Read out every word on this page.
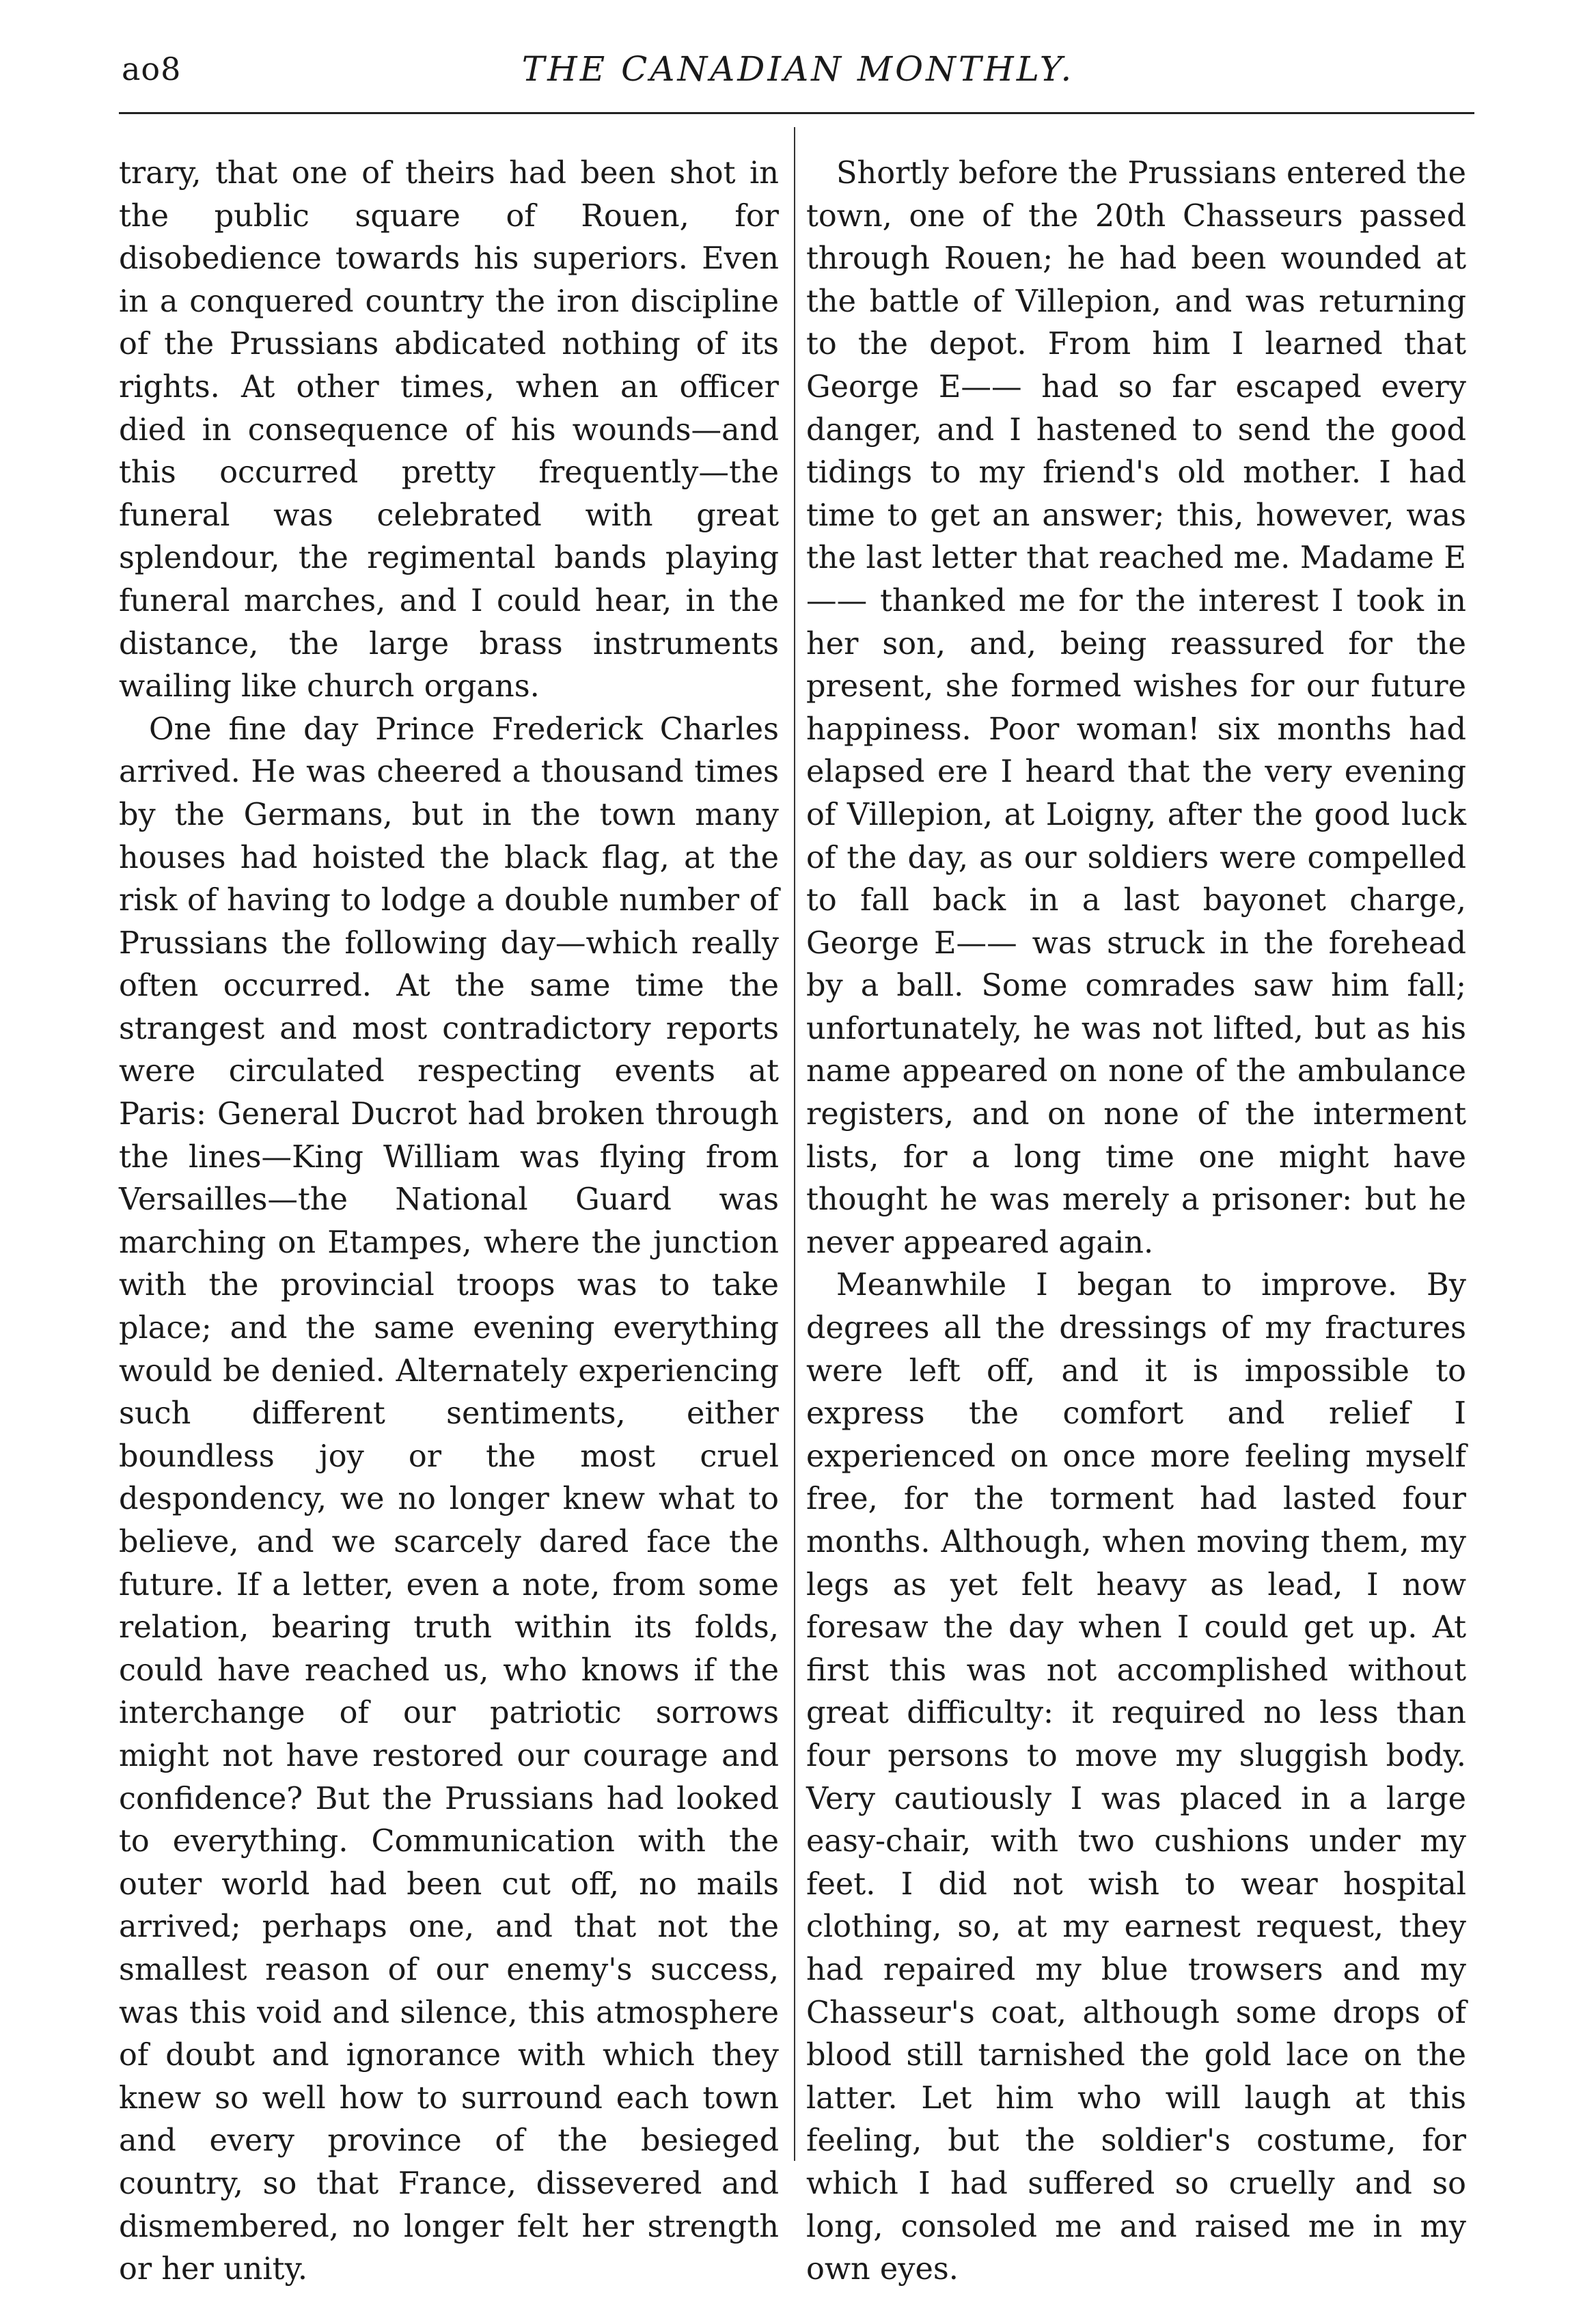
аo8	THE CANADIAN MONTHLY.

trary, that one of theirs had been shot in the public square of Rouen, for disobedience towards his superiors. Even in a conquered country the iron discipline of the Prussians abdicated nothing of its rights. At other times, when an officer died in consequence of his wounds—and this occurred pretty frequently—the funeral was celebrated with great splendour, the regimental bands playing funeral marches, and I could hear, in the distance, the large brass instruments wailing like church organs.

One fine day Prince Frederick Charles arrived. He was cheered a thousand times by the Germans, but in the town many houses had hoisted the black flag, at the risk of having to lodge a double number of Prussians the following day—which really often occurred. At the same time the strangest and most contradictory reports were circulated respecting events at Paris: General Ducrot had broken through the lines—King William was flying from Versailles—the National Guard was marching on Etampes, where the junction with the provincial troops was to take place; and the same evening everything would be denied. Alternately experiencing such different sentiments, either boundless joy or the most cruel despondency, we no longer knew what to believe, and we scarcely dared face the future. If a letter, even a note, from some relation, bearing truth within its folds, could have reached us, who knows if the interchange of our patriotic sorrows might not have restored our courage and confidence? But the Prussians had looked to everything. Communication with the outer world had been cut off, no mails arrived; perhaps one, and that not the smallest reason of our enemy's success, was this void and silence, this atmosphere of doubt and ignorance with which they knew so well how to surround each town and every province of the besieged country, so that France, dissevered and dismembered, no longer felt her strength or her unity.

Shortly before the Prussians entered the town, one of the 20th Chasseurs passed through Rouen; he had been wounded at the battle of Villepion, and was returning to the depot. From him I learned that George E—— had so far escaped every danger, and I hastened to send the good tidings to my friend's old mother. I had time to get an answer; this, however, was the last letter that reached me. Madame E—— thanked me for the interest I took in her son, and, being reassured for the present, she formed wishes for our future happiness. Poor woman! six months had elapsed ere I heard that the very evening of Villepion, at Loigny, after the good luck of the day, as our soldiers were compelled to fall back in a last bayonet charge, George E—— was struck in the forehead by a ball. Some comrades saw him fall; unfortunately, he was not lifted, but as his name appeared on none of the ambulance registers, and on none of the interment lists, for a long time one might have thought he was merely a prisoner: but he never appeared again.

Meanwhile I began to improve. By degrees all the dressings of my fractures were left off, and it is impossible to express the comfort and relief I experienced on once more feeling myself free, for the torment had lasted four months. Although, when moving them, my legs as yet felt heavy as lead, I now foresaw the day when I could get up. At first this was not accomplished without great difficulty: it required no less than four persons to move my sluggish body. Very cautiously I was placed in a large easy-chair, with two cushions under my feet. I did not wish to wear hospital clothing, so, at my earnest request, they had repaired my blue trowsers and my Chasseur's coat, although some drops of blood still tarnished the gold lace on the latter. Let him who will laugh at this feeling, but the soldier's costume, for which I had suffered so cruelly and so long, consoled me and raised me in my own eyes.
